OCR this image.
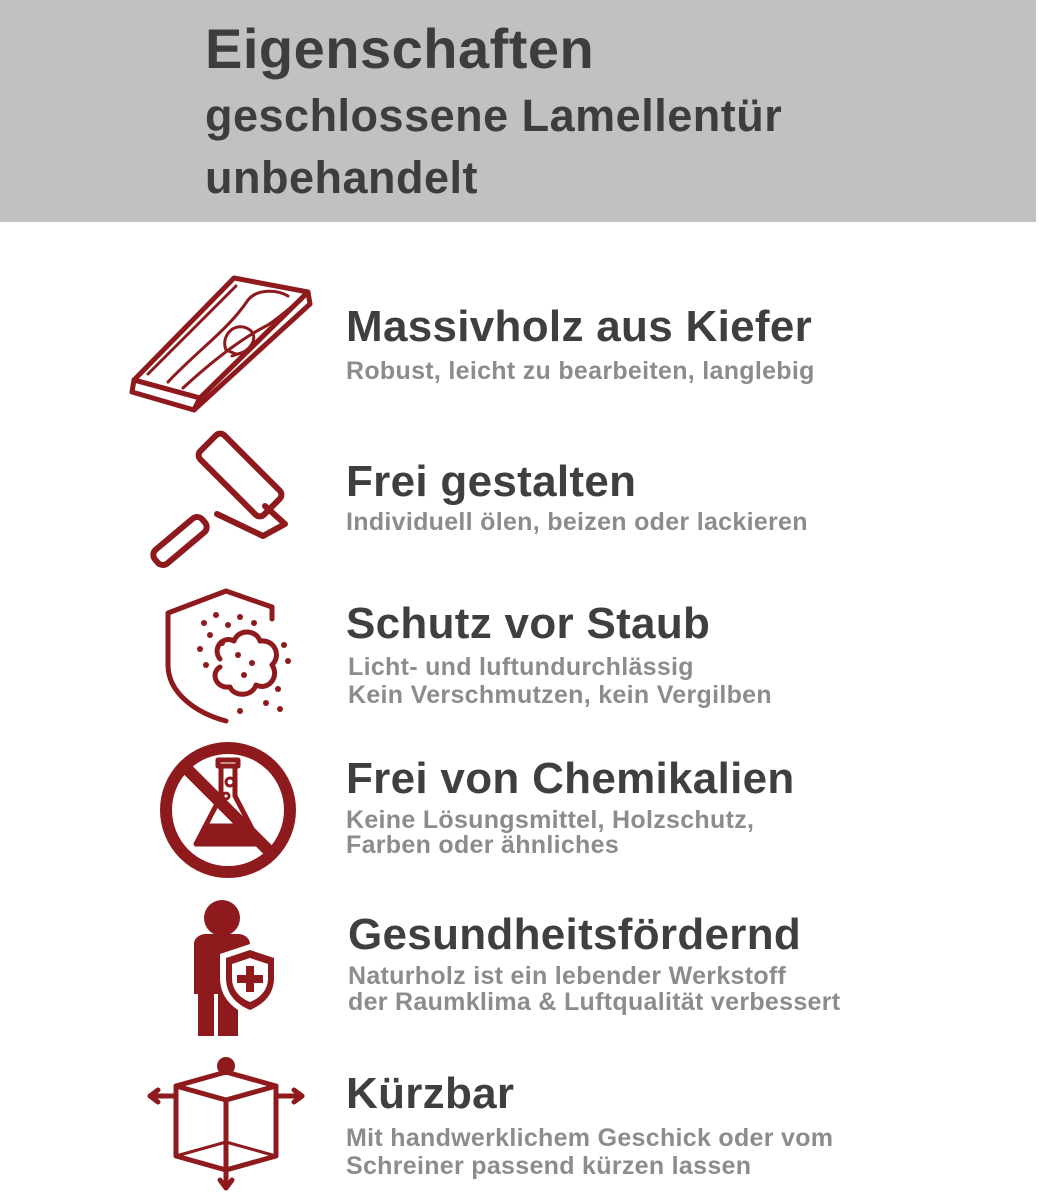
Eigenschaften
geschlossene Lamellentür
unbehandelt
Massivholz aus Kiefer
Robust, leicht zu bearbeiten, langlebig
Frei gestalten
Individuell ölen, beizen oder lackieren
Schutz vor Staub
Licht- und luftundurchlässig
Kein Verschmutzen, kein Vergilben
Frei von Chemikalien
Keine Lösungsmittel, Holzschutz,
Farben oder ähnliches
Gesundheitsfördernd
Naturholz ist ein lebender Werkstoff
der Raumklima & Luftqualität verbessert
Kürzbar
Mit handwerklichem Geschick oder vom
Schreiner passend kürzen lassen
